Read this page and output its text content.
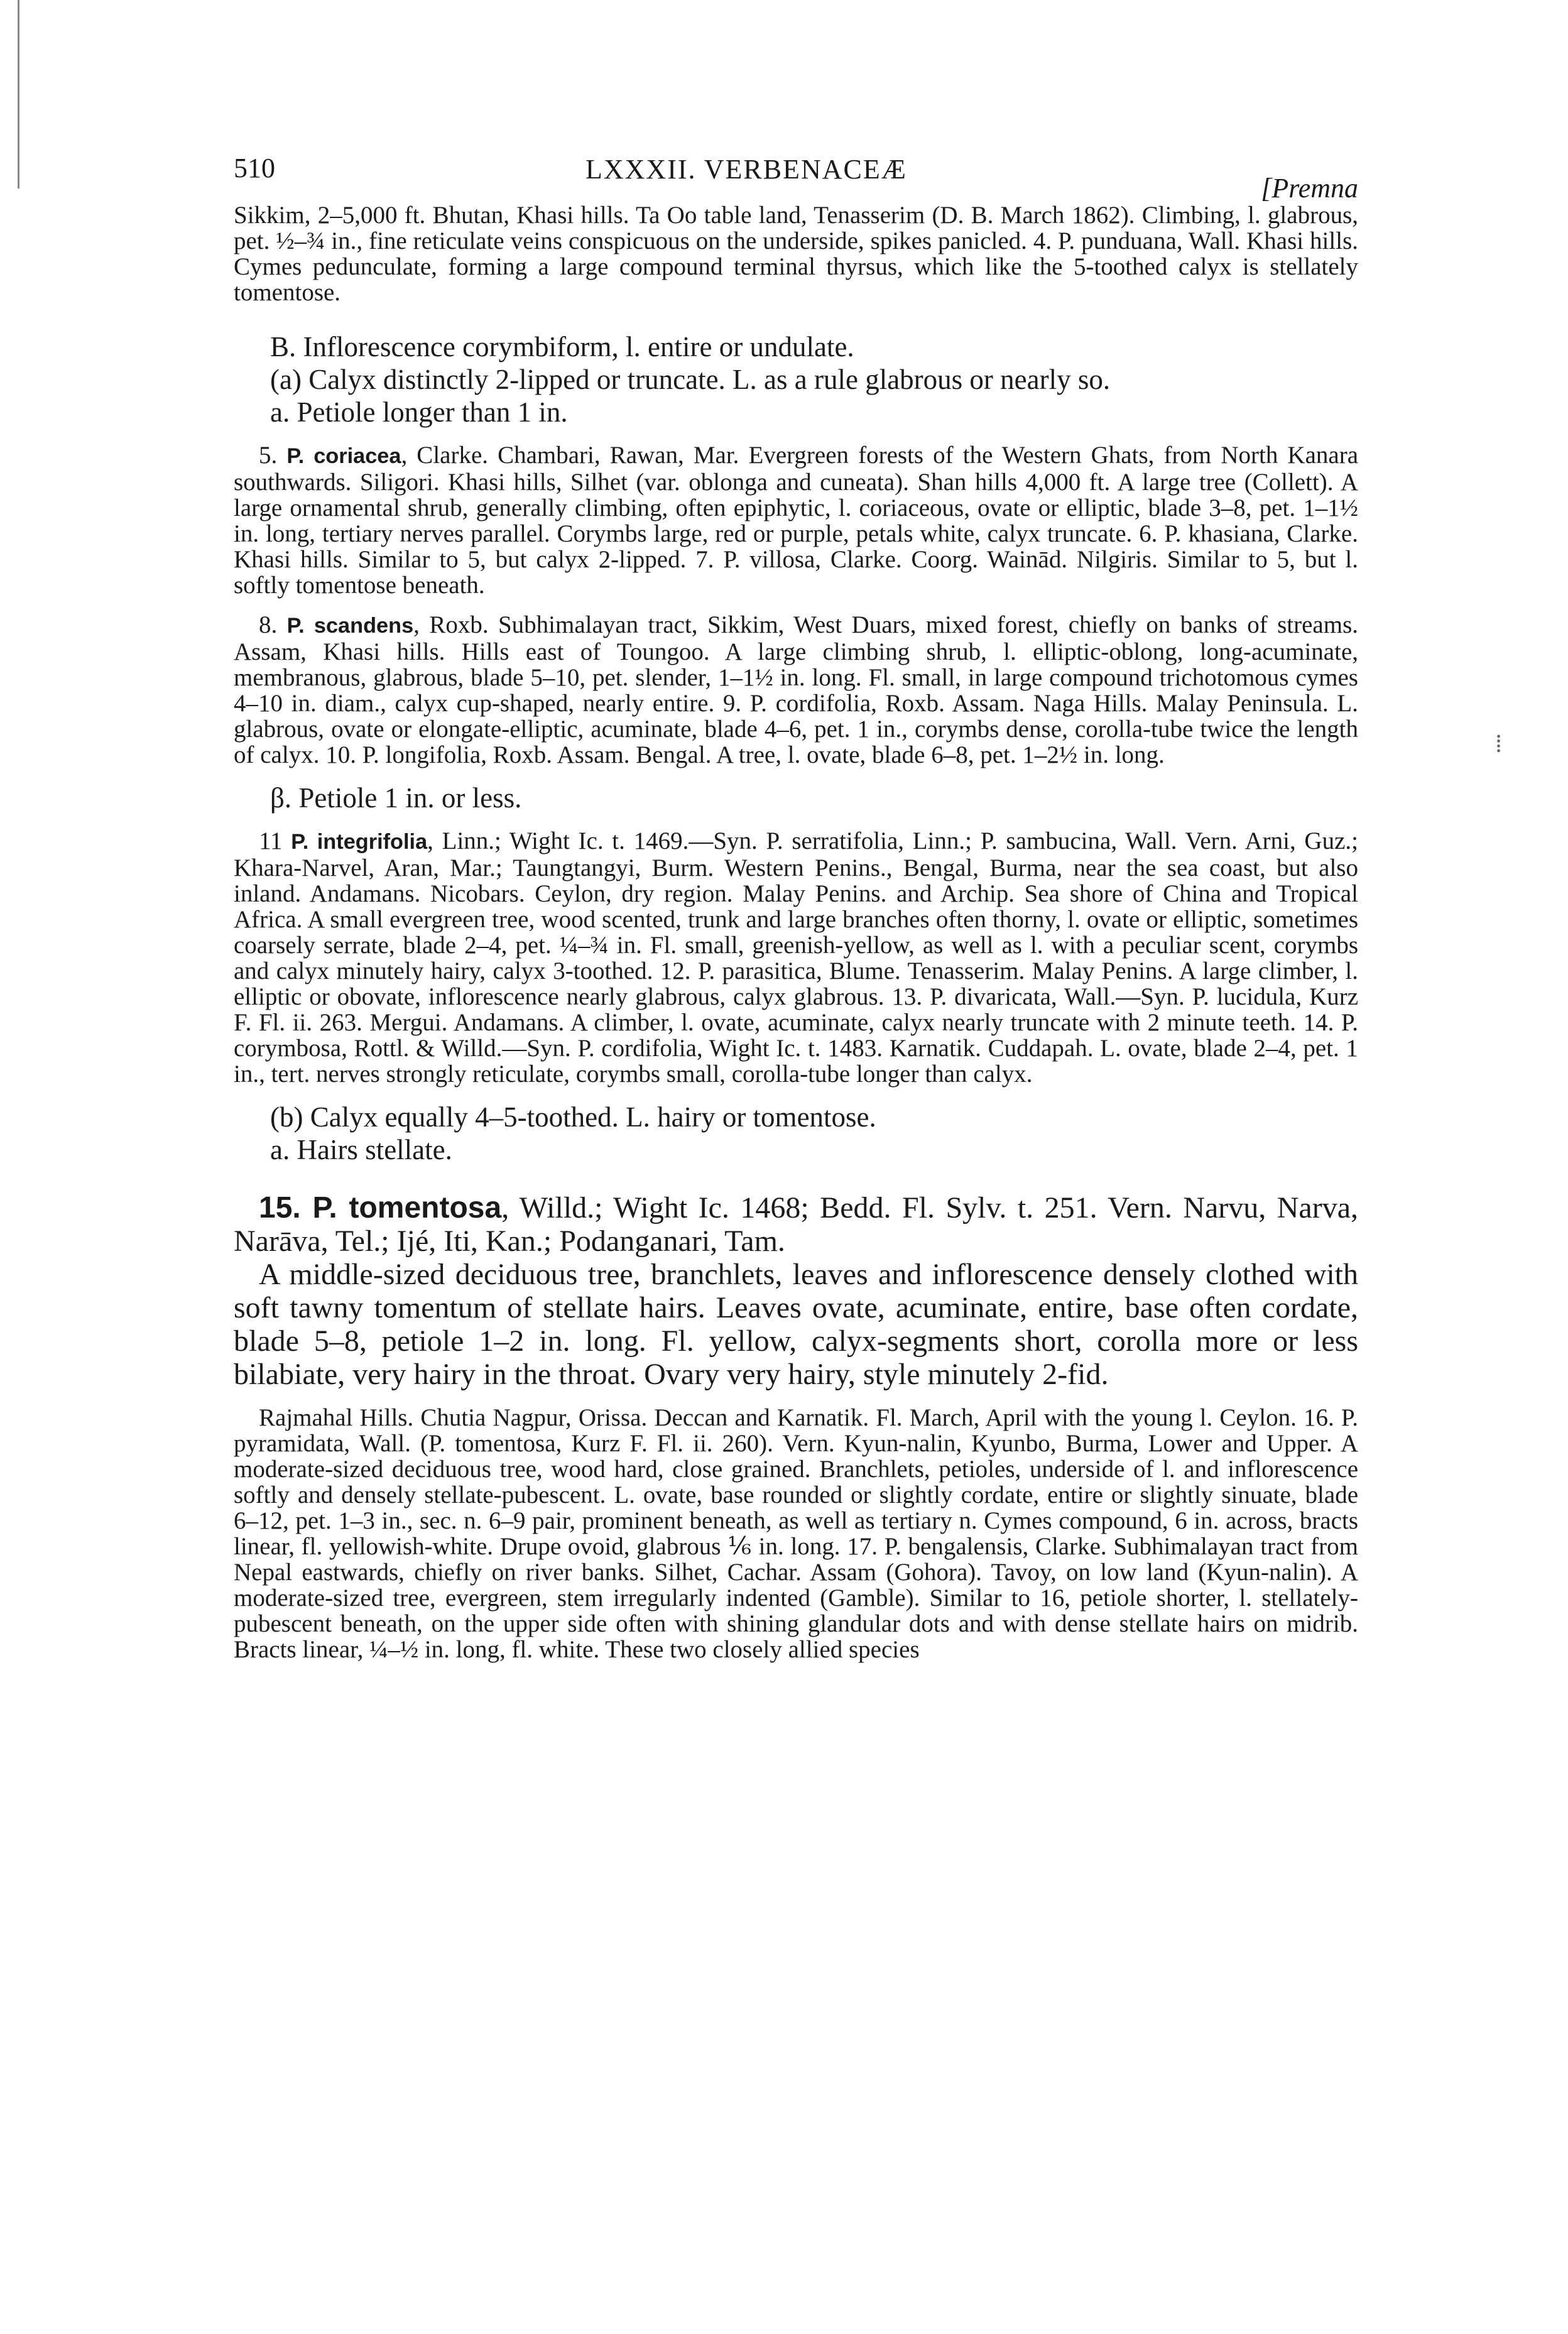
510	LXXXII. VERBENACEÆ
[Premna

Sikkim, 2–5,000 ft. Bhutan, Khasi hills. Ta Oo table land, Tenasserim (D. B. March 1862). Climbing, l. glabrous, pet. ½–¾ in., fine reticulate veins conspicuous on the underside, spikes panicled. 4. P. punduana, Wall. Khasi hills. Cymes pedunculate, forming a large compound terminal thyrsus, which like the 5-toothed calyx is stellately tomentose.

B. Inflorescence corymbiform, l. entire or undulate.

(a) Calyx distinctly 2-lipped or truncate. L. as a rule glabrous or nearly so.

a. Petiole longer than 1 in.

5. P. coriacea, Clarke. Chambari, Rawan, Mar. Evergreen forests of the Western Ghats, from North Kanara southwards. Siligori. Khasi hills, Silhet (var. oblonga and cuneata). Shan hills 4,000 ft. A large tree (Collett). A large ornamental shrub, generally climbing, often epiphytic, l. coriaceous, ovate or elliptic, blade 3–8, pet. 1–1½ in. long, tertiary nerves parallel. Corymbs large, red or purple, petals white, calyx truncate. 6. P. khasiana, Clarke. Khasi hills. Similar to 5, but calyx 2-lipped. 7. P. villosa, Clarke. Coorg. Wainād. Nilgiris. Similar to 5, but l. softly tomentose beneath.

8. P. scandens, Roxb. Subhimalayan tract, Sikkim, West Duars, mixed forest, chiefly on banks of streams. Assam, Khasi hills. Hills east of Toungoo. A large climbing shrub, l. elliptic-oblong, long-acuminate, membranous, glabrous, blade 5–10, pet. slender, 1–1½ in. long. Fl. small, in large compound trichotomous cymes 4–10 in. diam., calyx cup-shaped, nearly entire. 9. P. cordifolia, Roxb. Assam. Naga Hills. Malay Peninsula. L. glabrous, ovate or elongate-elliptic, acuminate, blade 4–6, pet. 1 in., corymbs dense, corolla-tube twice the length of calyx. 10. P. longifolia, Roxb. Assam. Bengal. A tree, l. ovate, blade 6–8, pet. 1–2½ in. long.

β. Petiole 1 in. or less.

11 P. integrifolia, Linn.; Wight Ic. t. 1469.—Syn. P. serratifolia, Linn.; P. sambucina, Wall. Vern. Arni, Guz.; Khara-Narvel, Aran, Mar.; Taungtangyi, Burm. Western Penins., Bengal, Burma, near the sea coast, but also inland. Andamans. Nicobars. Ceylon, dry region. Malay Penins. and Archip. Sea shore of China and Tropical Africa. A small evergreen tree, wood scented, trunk and large branches often thorny, l. ovate or elliptic, sometimes coarsely serrate, blade 2–4, pet. ¼–¾ in. Fl. small, greenish-yellow, as well as l. with a peculiar scent, corymbs and calyx minutely hairy, calyx 3-toothed. 12. P. parasitica, Blume. Tenasserim. Malay Penins. A large climber, l. elliptic or obovate, inflorescence nearly glabrous, calyx glabrous. 13. P. divaricata, Wall.—Syn. P. lucidula, Kurz F. Fl. ii. 263. Mergui. Andamans. A climber, l. ovate, acuminate, calyx nearly truncate with 2 minute teeth. 14. P. corymbosa, Rottl. & Willd.—Syn. P. cordifolia, Wight Ic. t. 1483. Karnatik. Cuddapah. L. ovate, blade 2–4, pet. 1 in., tert. nerves strongly reticulate, corymbs small, corolla-tube longer than calyx.

(b) Calyx equally 4–5-toothed. L. hairy or tomentose.

a. Hairs stellate.

15. P. tomentosa, Willd.; Wight Ic. 1468; Bedd. Fl. Sylv. t. 251. Vern. Narvu, Narva, Narāva, Tel.; Ijé, Iti, Kan.; Podanganari, Tam.

A middle-sized deciduous tree, branchlets, leaves and inflorescence densely clothed with soft tawny tomentum of stellate hairs. Leaves ovate, acuminate, entire, base often cordate, blade 5–8, petiole 1–2 in. long. Fl. yellow, calyx-segments short, corolla more or less bilabiate, very hairy in the throat. Ovary very hairy, style minutely 2-fid.

Rajmahal Hills. Chutia Nagpur, Orissa. Deccan and Karnatik. Fl. March, April with the young l. Ceylon. 16. P. pyramidata, Wall. (P. tomentosa, Kurz F. Fl. ii. 260). Vern. Kyun-nalin, Kyunbo, Burma, Lower and Upper. A moderate-sized deciduous tree, wood hard, close grained. Branchlets, petioles, underside of l. and inflorescence softly and densely stellate-pubescent. L. ovate, base rounded or slightly cordate, entire or slightly sinuate, blade 6–12, pet. 1–3 in., sec. n. 6–9 pair, prominent beneath, as well as tertiary n. Cymes compound, 6 in. across, bracts linear, fl. yellowish-white. Drupe ovoid, glabrous ⅙ in. long. 17. P. bengalensis, Clarke. Subhimalayan tract from Nepal eastwards, chiefly on river banks. Silhet, Cachar. Assam (Gohora). Tavoy, on low land (Kyun-nalin). A moderate-sized tree, evergreen, stem irregularly indented (Gamble). Similar to 16, petiole shorter, l. stellately-pubescent beneath, on the upper side often with shining glandular dots and with dense stellate hairs on midrib. Bracts linear, ¼–½ in. long, fl. white. These two closely allied species

⁞
